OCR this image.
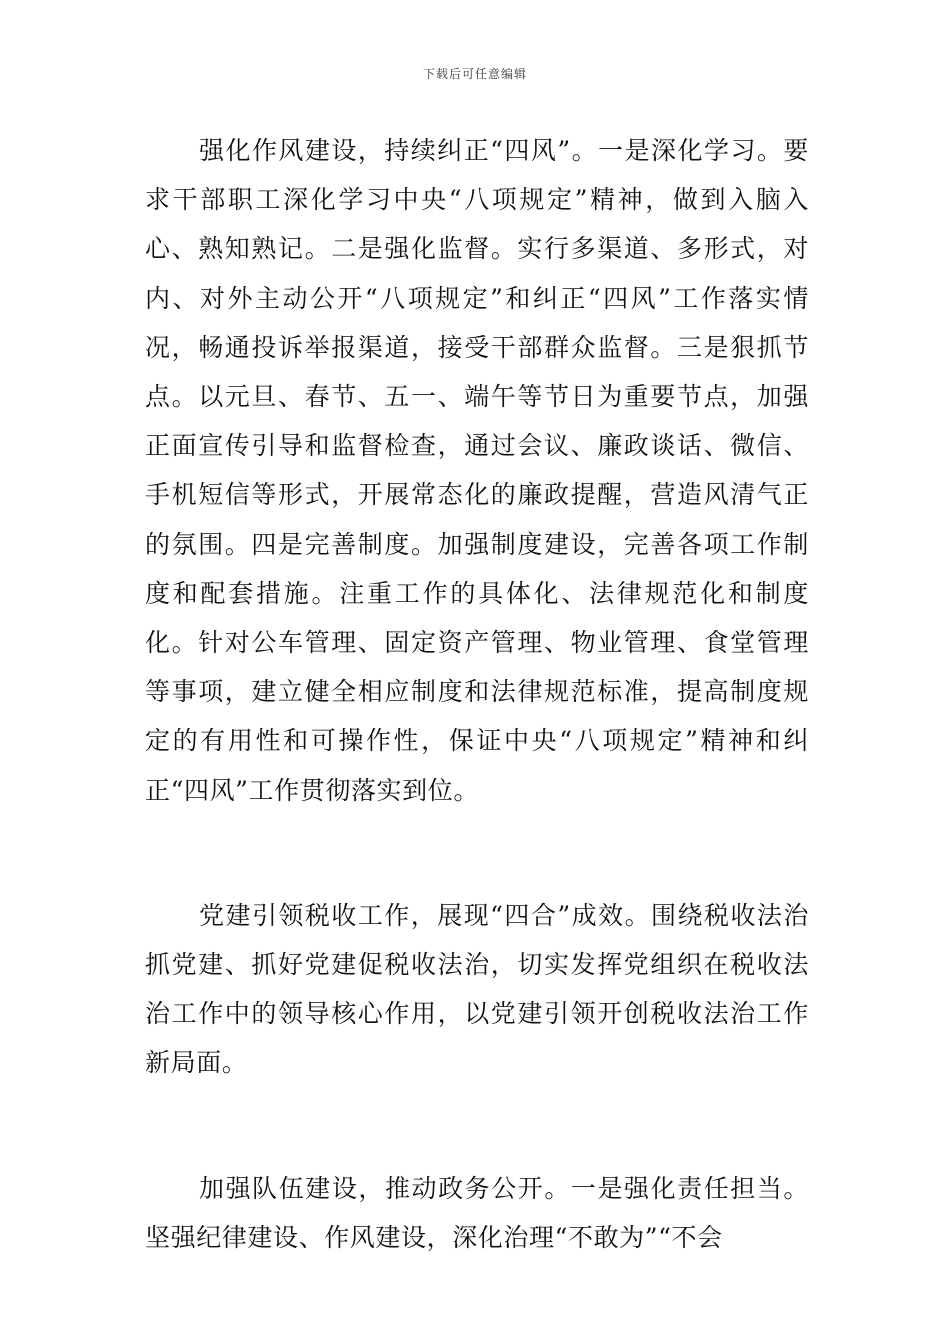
下载后可任意编辑

强化作风建设，持续纠正“四风”。一是深化学习。要求干部职工深化学习中央“八项规定”精神，做到入脑入心、熟知熟记。二是强化监督。实行多渠道、多形式，对内、对外主动公开“八项规定”和纠正“四风”工作落实情况，畅通投诉举报渠道，接受干部群众监督。三是狠抓节点。以元旦、春节、五一、端午等节日为重要节点，加强正面宣传引导和监督检查，通过会议、廉政谈话、微信、手机短信等形式，开展常态化的廉政提醒，营造风清气正的氛围。四是完善制度。加强制度建设，完善各项工作制度和配套措施。注重工作的具体化、法律规范化和制度化。针对公车管理、固定资产管理、物业管理、食堂管理等事项，建立健全相应制度和法律规范标准，提高制度规定的有用性和可操作性，保证中央“八项规定”精神和纠正“四风”工作贯彻落实到位。

党建引领税收工作，展现“四合”成效。围绕税收法治抓党建、抓好党建促税收法治，切实发挥党组织在税收法治工作中的领导核心作用，以党建引领开创税收法治工作新局面。

加强队伍建设，推动政务公开。一是强化责任担当。坚强纪律建设、作风建设，深化治理“不敢为”“不会
